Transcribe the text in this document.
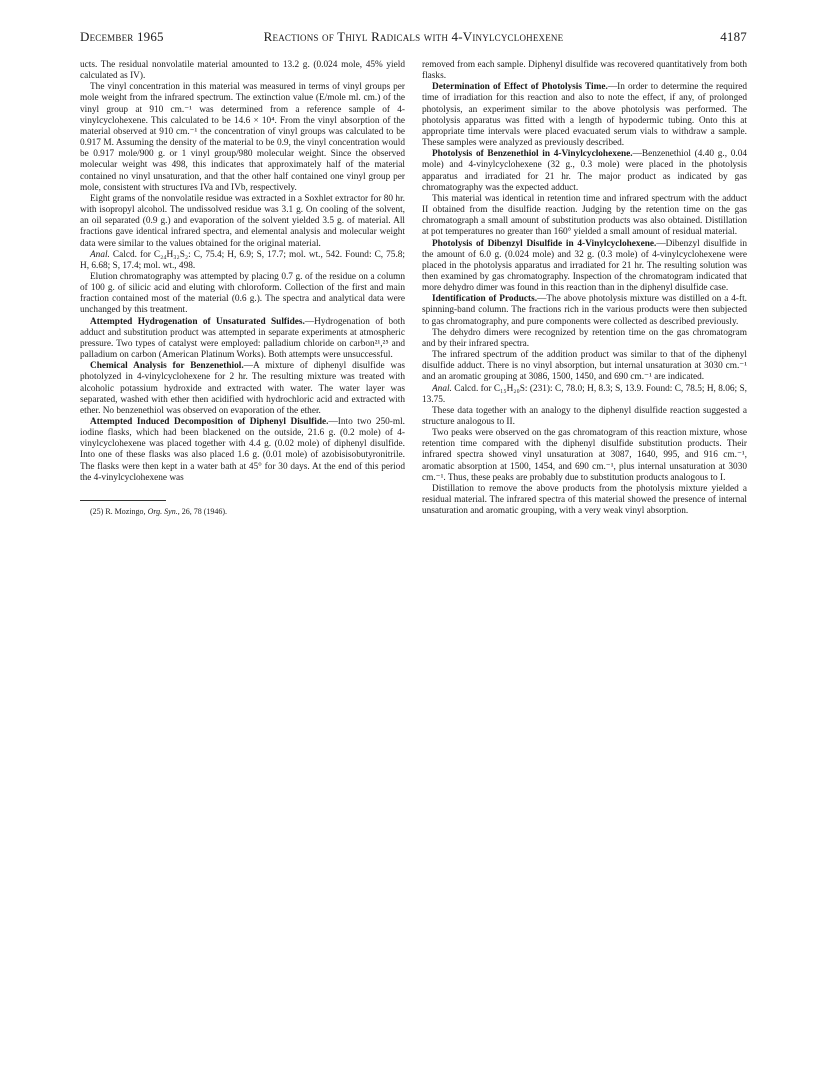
December 1965	Reactions of Thiyl Radicals with 4-Vinylcyclohexene	4187

ucts. The residual nonvolatile material amounted to 13.2 g. (0.024 mole, 45% yield calculated as IV).

The vinyl concentration in this material was measured in terms of vinyl groups per mole weight from the infrared spectrum. The extinction value (E/mole ml. cm.) of the vinyl group at 910 cm.⁻¹ was determined from a reference sample of 4-vinylcyclohexene. This calculated to be 14.6 × 10⁴. From the vinyl absorption of the material observed at 910 cm.⁻¹ the concentration of vinyl groups was calculated to be 0.917 M. Assuming the density of the material to be 0.9, the vinyl concentration would be 0.917 mole/900 g. or 1 vinyl group/980 molecular weight. Since the observed molecular weight was 498, this indicates that approximately half of the material contained no vinyl unsaturation, and that the other half contained one vinyl group per mole, consistent with structures IVa and IVb, respectively.

Eight grams of the nonvolatile residue was extracted in a Soxhlet extractor for 80 hr. with isopropyl alcohol. The undissolved residue was 3.1 g. On cooling of the solvent, an oil separated (0.9 g.) and evaporation of the solvent yielded 3.5 g. of material. All fractions gave identical infrared spectra, and elemental analysis and molecular weight data were similar to the values obtained for the original material.

Anal. Calcd. for C₂₄H₃₂S₂: C, 75.4; H, 6.9; S, 17.7; mol. wt., 542. Found: C, 75.8; H, 6.68; S, 17.4; mol. wt., 498.

Elution chromatography was attempted by placing 0.7 g. of the residue on a column of 100 g. of silicic acid and eluting with chloroform. Collection of the first and main fraction contained most of the material (0.6 g.). The spectra and analytical data were unchanged by this treatment.

Attempted Hydrogenation of Unsaturated Sulfides.—Hydrogenation of both adduct and substitution product was attempted in separate experiments at atmospheric pressure. Two types of catalyst were employed: palladium chloride on carbon²¹,²⁵ and palladium on carbon (American Platinum Works). Both attempts were unsuccessful.

Chemical Analysis for Benzenethiol.—A mixture of diphenyl disulfide was photolyzed in 4-vinylcyclohexene for 2 hr. The resulting mixture was treated with alcoholic potassium hydroxide and extracted with water. The water layer was separated, washed with ether then acidified with hydrochloric acid and extracted with ether. No benzenethiol was observed on evaporation of the ether.

Attempted Induced Decomposition of Diphenyl Disulfide.—Into two 250-ml. iodine flasks, which had been blackened on the outside, 21.6 g. (0.2 mole) of 4-vinylcyclohexene was placed together with 4.4 g. (0.02 mole) of diphenyl disulfide. Into one of these flasks was also placed 1.6 g. (0.01 mole) of azobisisobutyronitrile. The flasks were then kept in a water bath at 45° for 30 days. At the end of this period the 4-vinylcyclohexene was

(25) R. Mozingo, Org. Syn., 26, 78 (1946).

removed from each sample. Diphenyl disulfide was recovered quantitatively from both flasks.

Determination of Effect of Photolysis Time.—In order to determine the required time of irradiation for this reaction and also to note the effect, if any, of prolonged photolysis, an experiment similar to the above photolysis was performed. The photolysis apparatus was fitted with a length of hypodermic tubing. Onto this at appropriate time intervals were placed evacuated serum vials to withdraw a sample. These samples were analyzed as previously described.

Photolysis of Benzenethiol in 4-Vinylcyclohexene.—Benzenethiol (4.40 g., 0.04 mole) and 4-vinylcyclohexene (32 g., 0.3 mole) were placed in the photolysis apparatus and irradiated for 21 hr. The major product as indicated by gas chromatography was the expected adduct.

This material was identical in retention time and infrared spectrum with the adduct II obtained from the disulfide reaction. Judging by the retention time on the gas chromatograph a small amount of substitution products was also obtained. Distillation at pot temperatures no greater than 160° yielded a small amount of residual material.

Photolysis of Dibenzyl Disulfide in 4-Vinylcyclohexene.—Dibenzyl disulfide in the amount of 6.0 g. (0.024 mole) and 32 g. (0.3 mole) of 4-vinylcyclohexene were placed in the photolysis apparatus and irradiated for 21 hr. The resulting solution was then examined by gas chromatography. Inspection of the chromatogram indicated that more dehydro dimer was found in this reaction than in the diphenyl disulfide case.

Identification of Products.—The above photolysis mixture was distilled on a 4-ft. spinning-band column. The fractions rich in the various products were then subjected to gas chromatography, and pure components were collected as described previously.

The dehydro dimers were recognized by retention time on the gas chromatogram and by their infrared spectra.

The infrared spectrum of the addition product was similar to that of the diphenyl disulfide adduct. There is no vinyl absorption, but internal unsaturation at 3030 cm.⁻¹ and an aromatic grouping at 3086, 1500, 1450, and 690 cm.⁻¹ are indicated.

Anal. Calcd. for C₁₅H₂₀S: (231): C, 78.0; H, 8.3; S, 13.9. Found: C, 78.5; H, 8.06; S, 13.75.

These data together with an analogy to the diphenyl disulfide reaction suggested a structure analogous to II.

Two peaks were observed on the gas chromatogram of this reaction mixture, whose retention time compared with the diphenyl disulfide substitution products. Their infrared spectra showed vinyl unsaturation at 3087, 1640, 995, and 916 cm.⁻¹, aromatic absorption at 1500, 1454, and 690 cm.⁻¹, plus internal unsaturation at 3030 cm.⁻¹. Thus, these peaks are probably due to substitution products analogous to I.

Distillation to remove the above products from the photolysis mixture yielded a residual material. The infrared spectra of this material showed the presence of internal unsaturation and aromatic grouping, with a very weak vinyl absorption.
